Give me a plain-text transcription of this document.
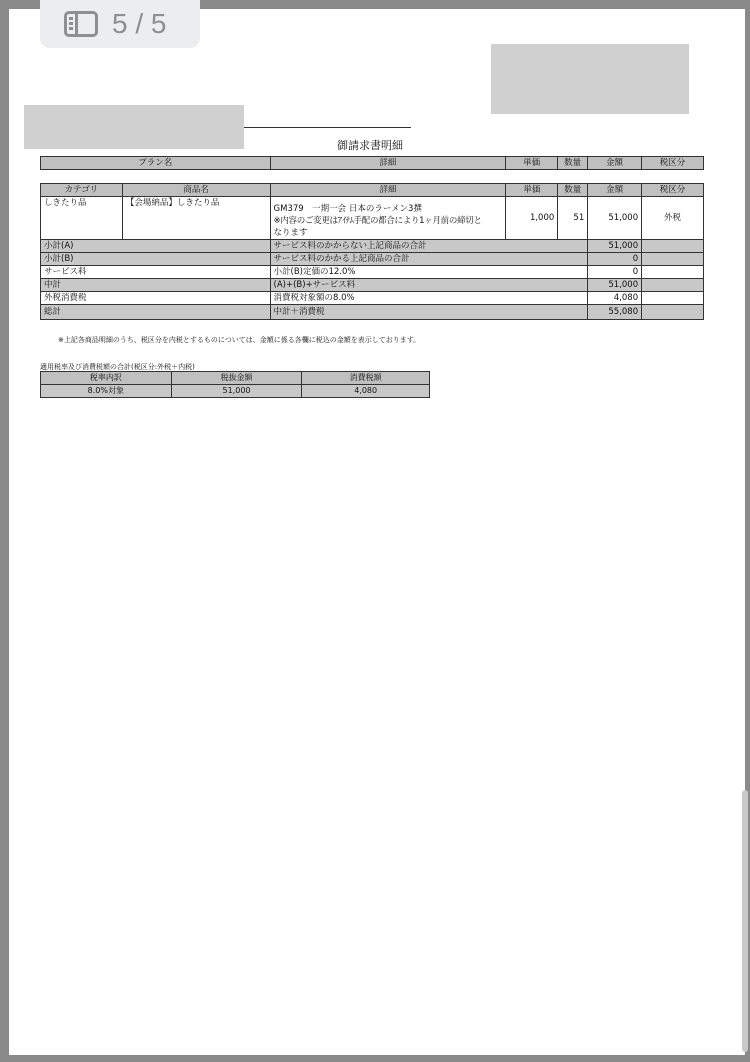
5 / 5
御請求書明細
プラン名	詳細	単価	数量	金額	税区分
カテゴリ	商品名	詳細	単価	数量	金額	税区分
しきたり品	【会場納品】しきたり品	GM379　一期一会 日本のラーメン3撰
※内容のご変更はｱｲﾃﾑ手配の都合により1ヶ月前の締切と
なります	1,000	51	51,000	外税
小計(A)		サービス料のかからない上記商品の合計			51,000	
小計(B)		サービス料のかかる上記商品の合計			0	
サービス料		小計(B)定価の12.0%			0	
中計		(A)+(B)+サービス料			51,000	
外税消費税		消費税対象額の8.0%			4,080	
総計		中計＋消費税			55,080	
※上記各商品明細のうち、税区分を内税とするものについては、金額に係る各欄に税込の金額を表示しております。
適用税率及び消費税額の合計(税区分:外税＋内税)
税率内訳	税抜金額	消費税額
8.0%対象	51,000	4,080
